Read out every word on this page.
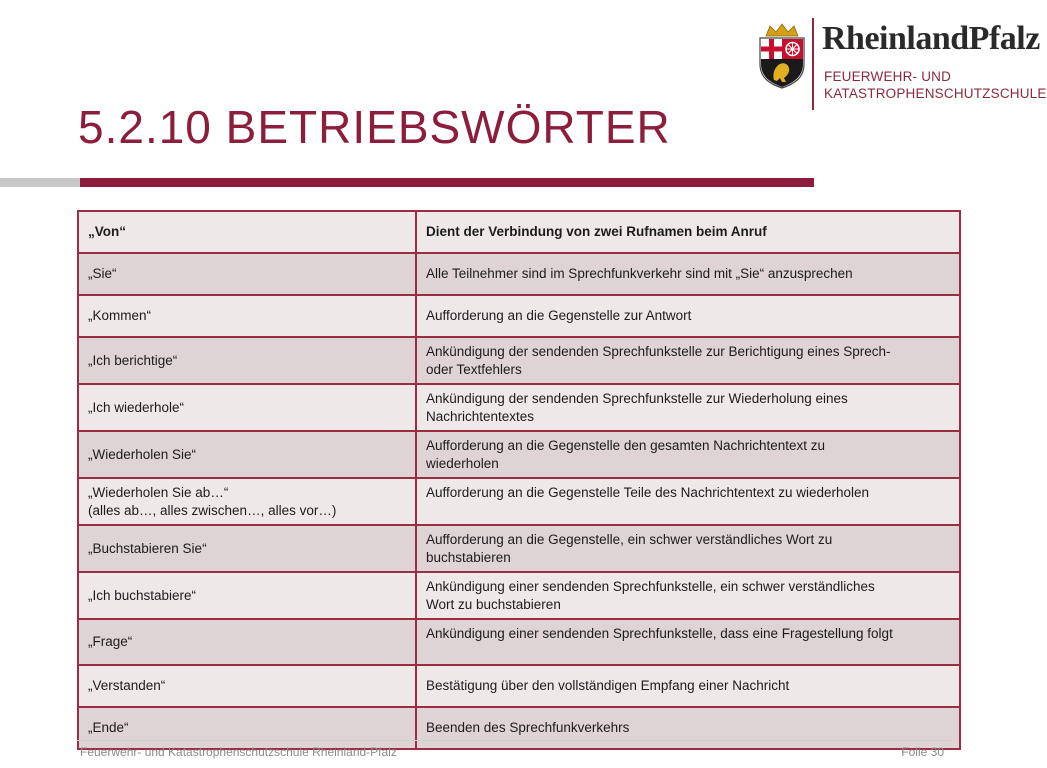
RheinlandPfalz
FEUERWEHR- UND
KATASTROPHENSCHUTZSCHULE
5.2.10 BETRIEBSWÖRTER
„Von“	Dient der Verbindung von zwei Rufnamen beim Anruf
„Sie“	Alle Teilnehmer sind im Sprechfunkverkehr sind mit „Sie“ anzusprechen
„Kommen“	Aufforderung an die Gegenstelle zur Antwort
„Ich berichtige“	Ankündigung der sendenden Sprechfunkstelle zur Berichtigung eines Sprech-
oder Textfehlers

„Ich wiederhole“	Ankündigung der sendenden Sprechfunkstelle zur Wiederholung eines
Nachrichtentextes

„Wiederholen Sie“	Aufforderung an die Gegenstelle den gesamten Nachrichtentext zu
wiederholen

„Wiederholen Sie ab…“
(alles ab…, alles zwischen…, alles vor…)	Aufforderung an die Gegenstelle Teile des Nachrichtentext zu wiederholen
„Buchstabieren Sie“	Aufforderung an die Gegenstelle, ein schwer verständliches Wort zu
buchstabieren

„Ich buchstabiere“	Ankündigung einer sendenden Sprechfunkstelle, ein schwer verständliches
Wort zu buchstabieren

„Frage“	Ankündigung einer sendenden Sprechfunkstelle, dass eine Fragestellung folgt
„Verstanden“	Bestätigung über den vollständigen Empfang einer Nachricht
„Ende“	Beenden des Sprechfunkverkehrs
Feuerwehr- und Katastrophenschutzschule Rheinland-Pfalz	Folie 30
